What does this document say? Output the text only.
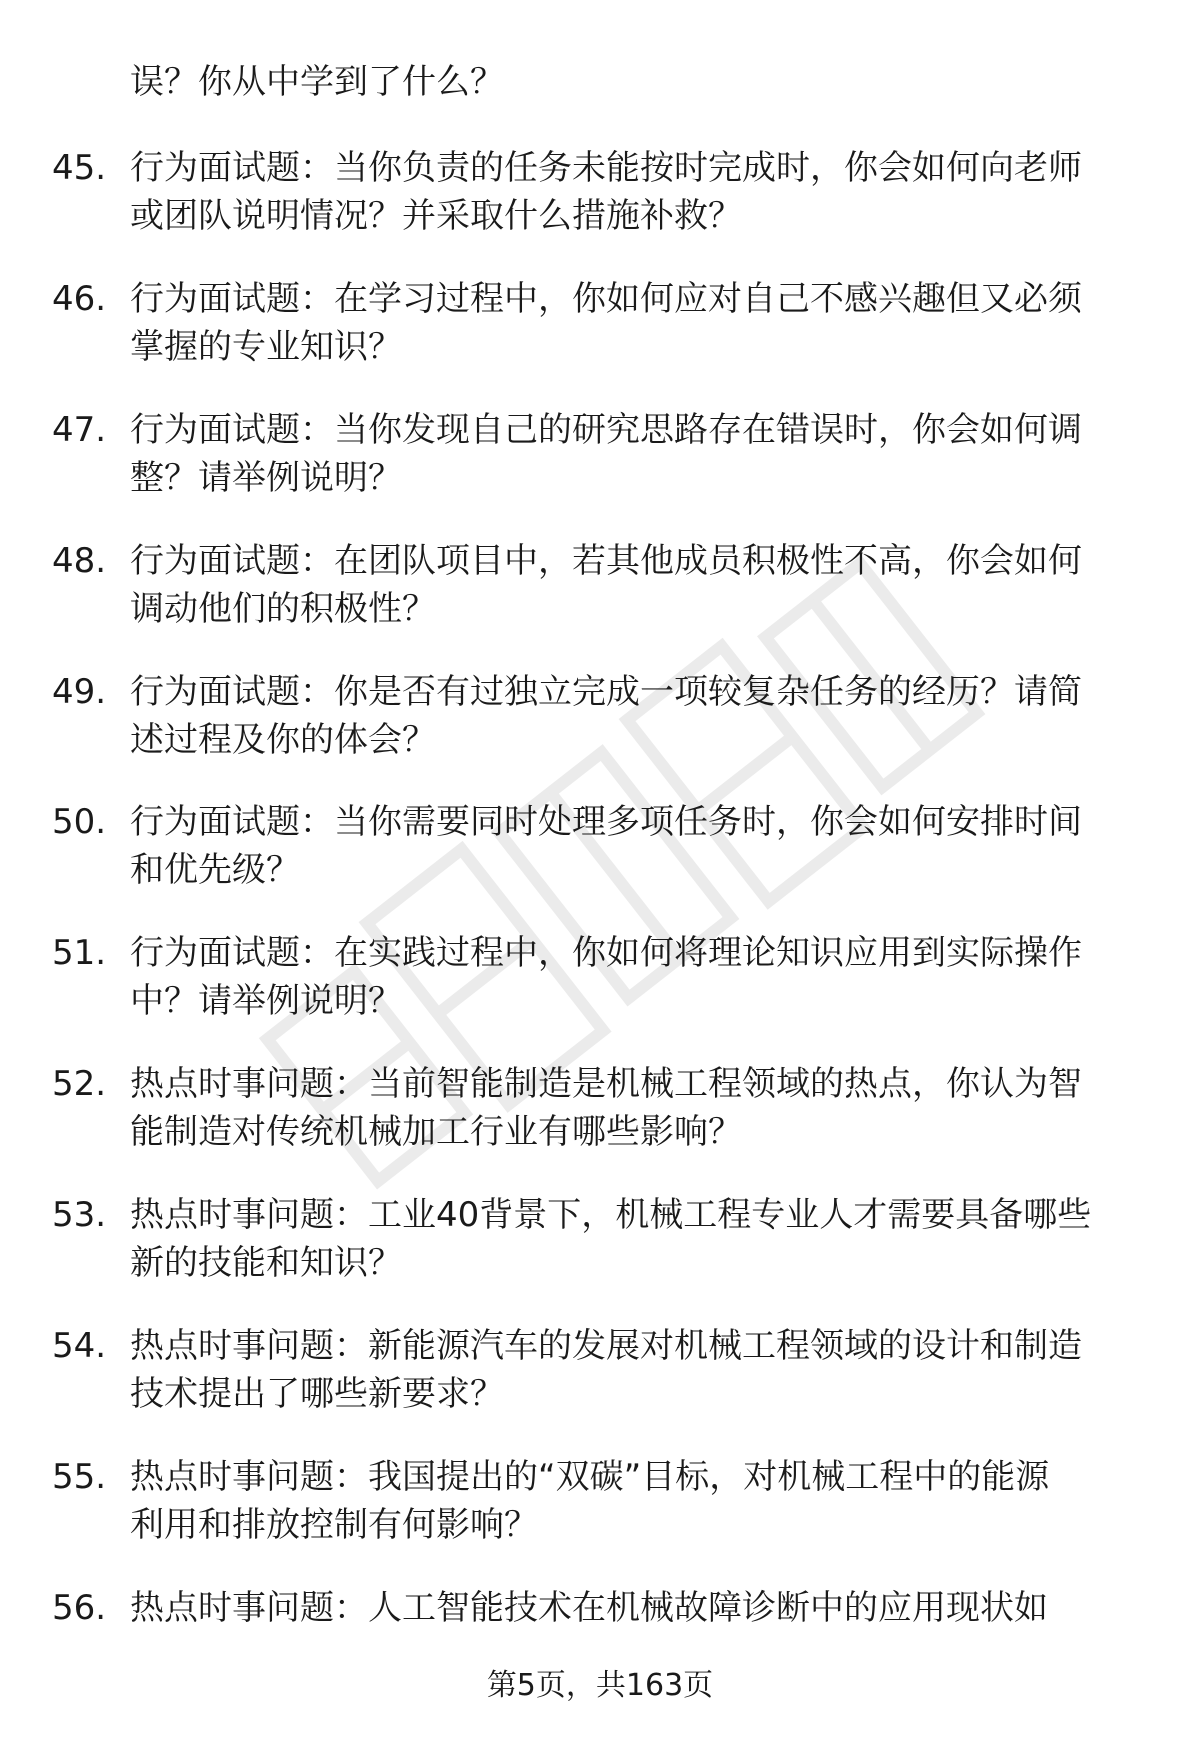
误？你从中学到了什么？

45. 行为面试题：当你负责的任务未能按时完成时，你会如何向老师
或团队说明情况？并采取什么措施补救？
46. 行为面试题：在学习过程中，你如何应对自己不感兴趣但又必须
掌握的专业知识？
47. 行为面试题：当你发现自己的研究思路存在错误时，你会如何调
整？请举例说明？
48. 行为面试题：在团队项目中，若其他成员积极性不高，你会如何
调动他们的积极性？
49. 行为面试题：你是否有过独立完成一项较复杂任务的经历？请简
述过程及你的体会？
50. 行为面试题：当你需要同时处理多项任务时，你会如何安排时间
和优先级？
51. 行为面试题：在实践过程中，你如何将理论知识应用到实际操作
中？请举例说明？
52. 热点时事问题：当前智能制造是机械工程领域的热点，你认为智
能制造对传统机械加工行业有哪些影响？
53. 热点时事问题：工业40背景下，机械工程专业人才需要具备哪些
新的技能和知识？
54. 热点时事问题：新能源汽车的发展对机械工程领域的设计和制造
技术提出了哪些新要求？
55. 热点时事问题：我国提出的“双碳”目标，对机械工程中的能源
利用和排放控制有何影响？
56. 热点时事问题：人工智能技术在机械故障诊断中的应用现状如
第5页，共163页
